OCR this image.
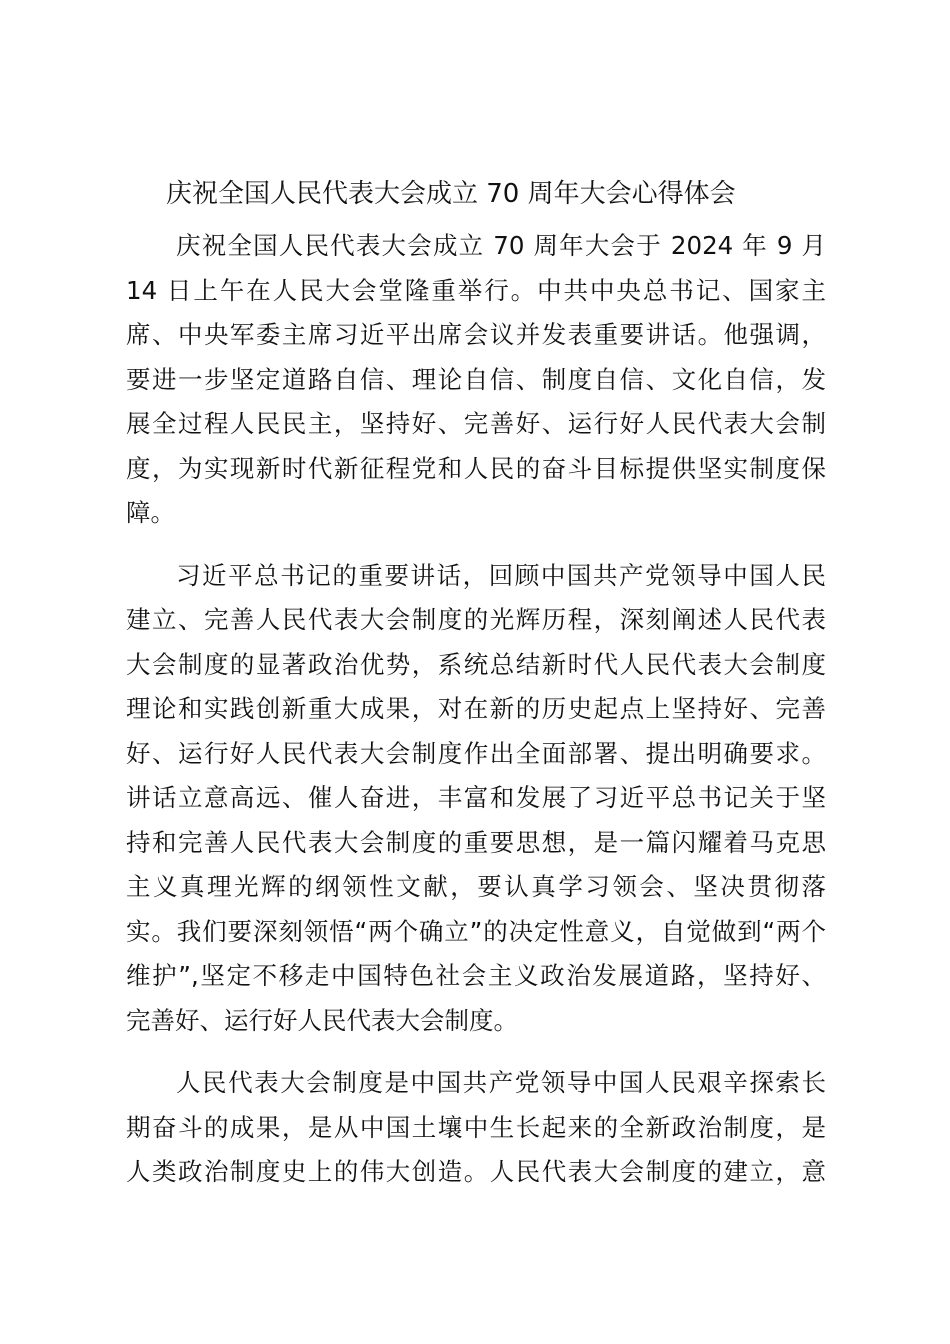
庆祝全国人民代表大会成立 70 周年大会心得体会

庆祝全国人民代表大会成立 70 周年大会于 2024 年 9 月
14 日上午在人民大会堂隆重举行。中共中央总书记、国家主
席、中央军委主席习近平出席会议并发表重要讲话。他强调，
要进一步坚定道路自信、理论自信、制度自信、文化自信，发
展全过程人民民主，坚持好、完善好、运行好人民代表大会制
度，为实现新时代新征程党和人民的奋斗目标提供坚实制度保
障。

习近平总书记的重要讲话，回顾中国共产党领导中国人民
建立、完善人民代表大会制度的光辉历程，深刻阐述人民代表
大会制度的显著政治优势，系统总结新时代人民代表大会制度
理论和实践创新重大成果，对在新的历史起点上坚持好、完善
好、运行好人民代表大会制度作出全面部署、提出明确要求。
讲话立意高远、催人奋进，丰富和发展了习近平总书记关于坚
持和完善人民代表大会制度的重要思想，是一篇闪耀着马克思
主义真理光辉的纲领性文献，要认真学习领会、坚决贯彻落
实。我们要深刻领悟“两个确立”的决定性意义，自觉做到“两个
维护”,坚定不移走中国特色社会主义政治发展道路，坚持好、
完善好、运行好人民代表大会制度。

人民代表大会制度是中国共产党领导中国人民艰辛探索长
期奋斗的成果，是从中国土壤中生长起来的全新政治制度，是
人类政治制度史上的伟大创造。人民代表大会制度的建立，意
